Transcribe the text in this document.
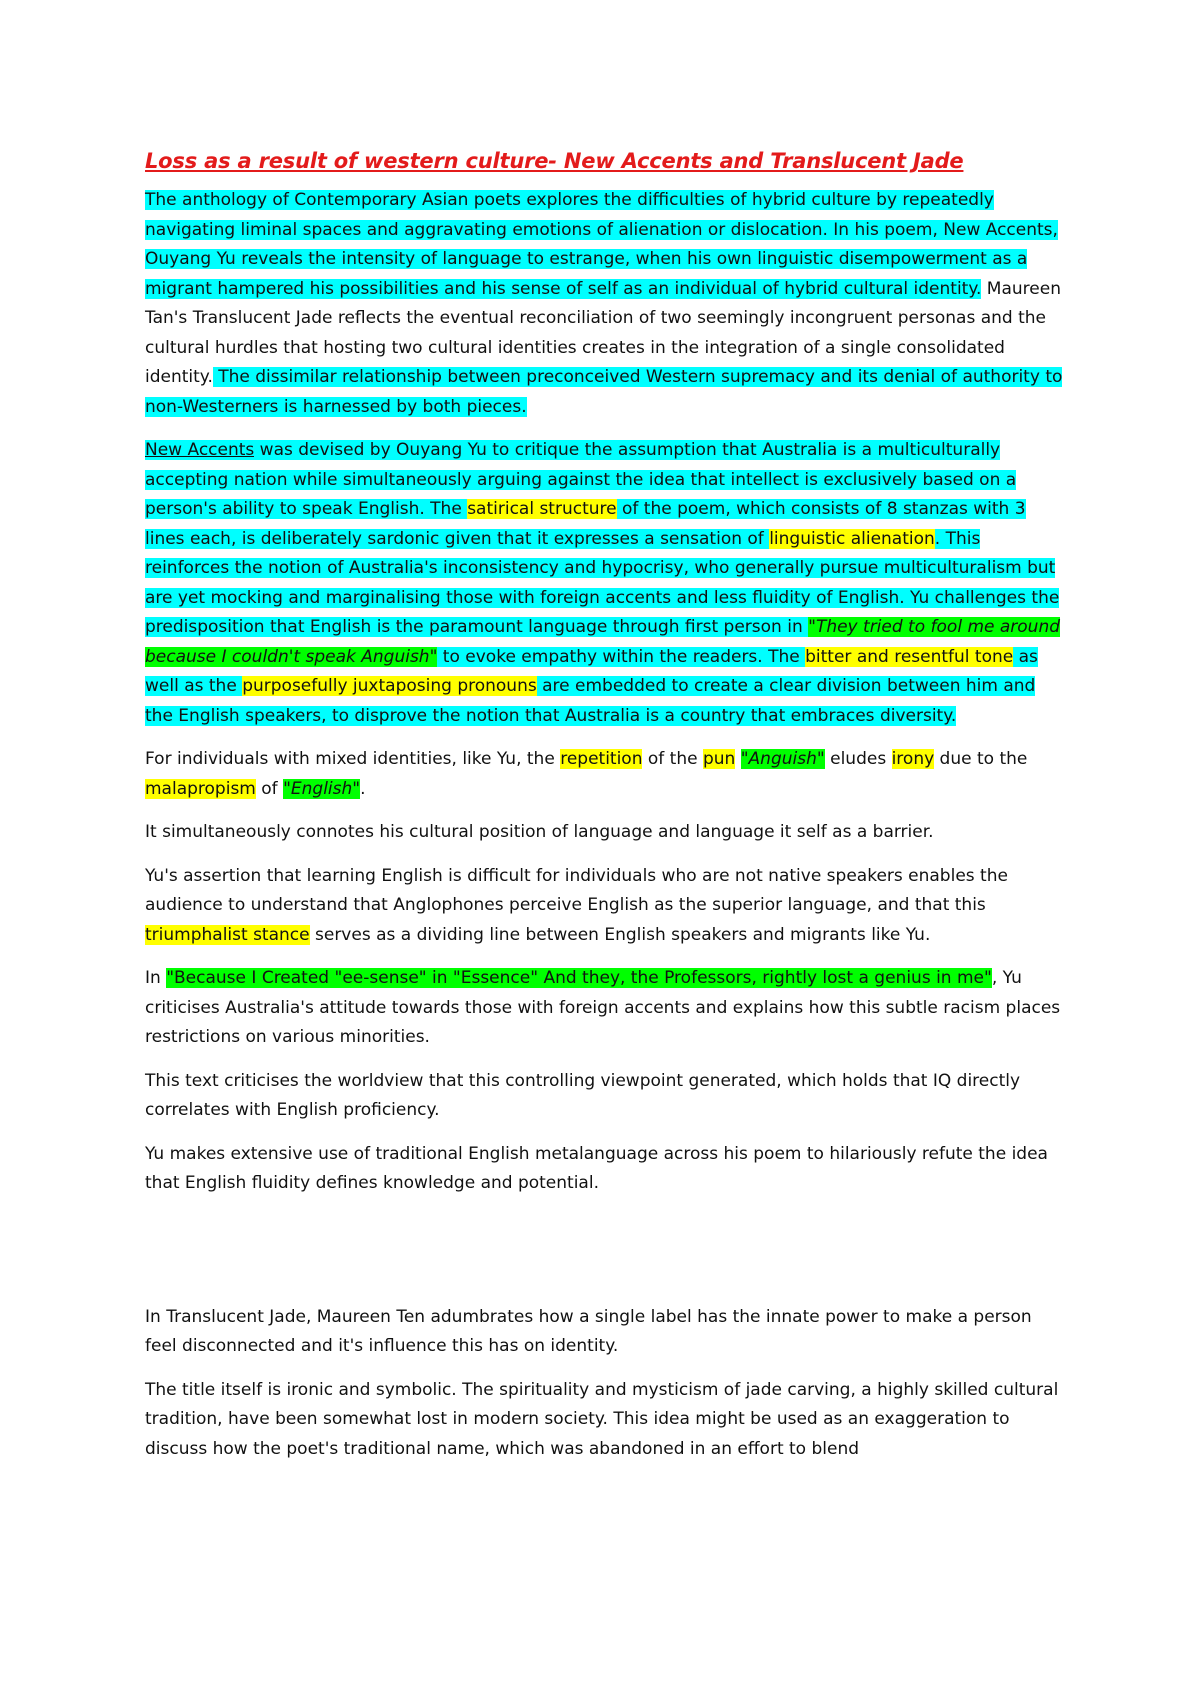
Loss as a result of western culture- New Accents and Translucent Jade

The anthology of Contemporary Asian poets explores the difficulties of hybrid culture by repeatedly navigating liminal spaces and aggravating emotions of alienation or dislocation. In his poem, New Accents, Ouyang Yu reveals the intensity of language to estrange, when his own linguistic disempowerment as a migrant hampered his possibilities and his sense of self as an individual of hybrid cultural identity. Maureen Tan's Translucent Jade reflects the eventual reconciliation of two seemingly incongruent personas and the cultural hurdles that hosting two cultural identities creates in the integration of a single consolidated identity. The dissimilar relationship between preconceived Western supremacy and its denial of authority to non-Westerners is harnessed by both pieces.

New Accents was devised by Ouyang Yu to critique the assumption that Australia is a multiculturally accepting nation while simultaneously arguing against the idea that intellect is exclusively based on a person's ability to speak English. The satirical structure of the poem, which consists of 8 stanzas with 3 lines each, is deliberately sardonic given that it expresses a sensation of linguistic alienation. This reinforces the notion of Australia's inconsistency and hypocrisy, who generally pursue multiculturalism but are yet mocking and marginalising those with foreign accents and less fluidity of English. Yu challenges the predisposition that English is the paramount language through first person in "They tried to fool me around because I couldn't speak Anguish" to evoke empathy within the readers. The bitter and resentful tone as well as the purposefully juxtaposing pronouns are embedded to create a clear division between him and the English speakers, to disprove the notion that Australia is a country that embraces diversity.

For individuals with mixed identities, like Yu, the repetition of the pun "Anguish" eludes irony due to the malapropism of "English".

It simultaneously connotes his cultural position of language and language it self as a barrier.

Yu's assertion that learning English is difficult for individuals who are not native speakers enables the audience to understand that Anglophones perceive English as the superior language, and that this triumphalist stance serves as a dividing line between English speakers and migrants like Yu.

In "Because I Created "ee-sense" in "Essence" And they, the Professors, rightly lost a genius in me", Yu criticises Australia's attitude towards those with foreign accents and explains how this subtle racism places restrictions on various minorities.

This text criticises the worldview that this controlling viewpoint generated, which holds that IQ directly correlates with English proficiency.

Yu makes extensive use of traditional English metalanguage across his poem to hilariously refute the idea that English fluidity defines knowledge and potential.

In Translucent Jade, Maureen Ten adumbrates how a single label has the innate power to make a person feel disconnected and it's influence this has on identity.

The title itself is ironic and symbolic. The spirituality and mysticism of jade carving, a highly skilled cultural tradition, have been somewhat lost in modern society. This idea might be used as an exaggeration to discuss how the poet's traditional name, which was abandoned in an effort to blend
